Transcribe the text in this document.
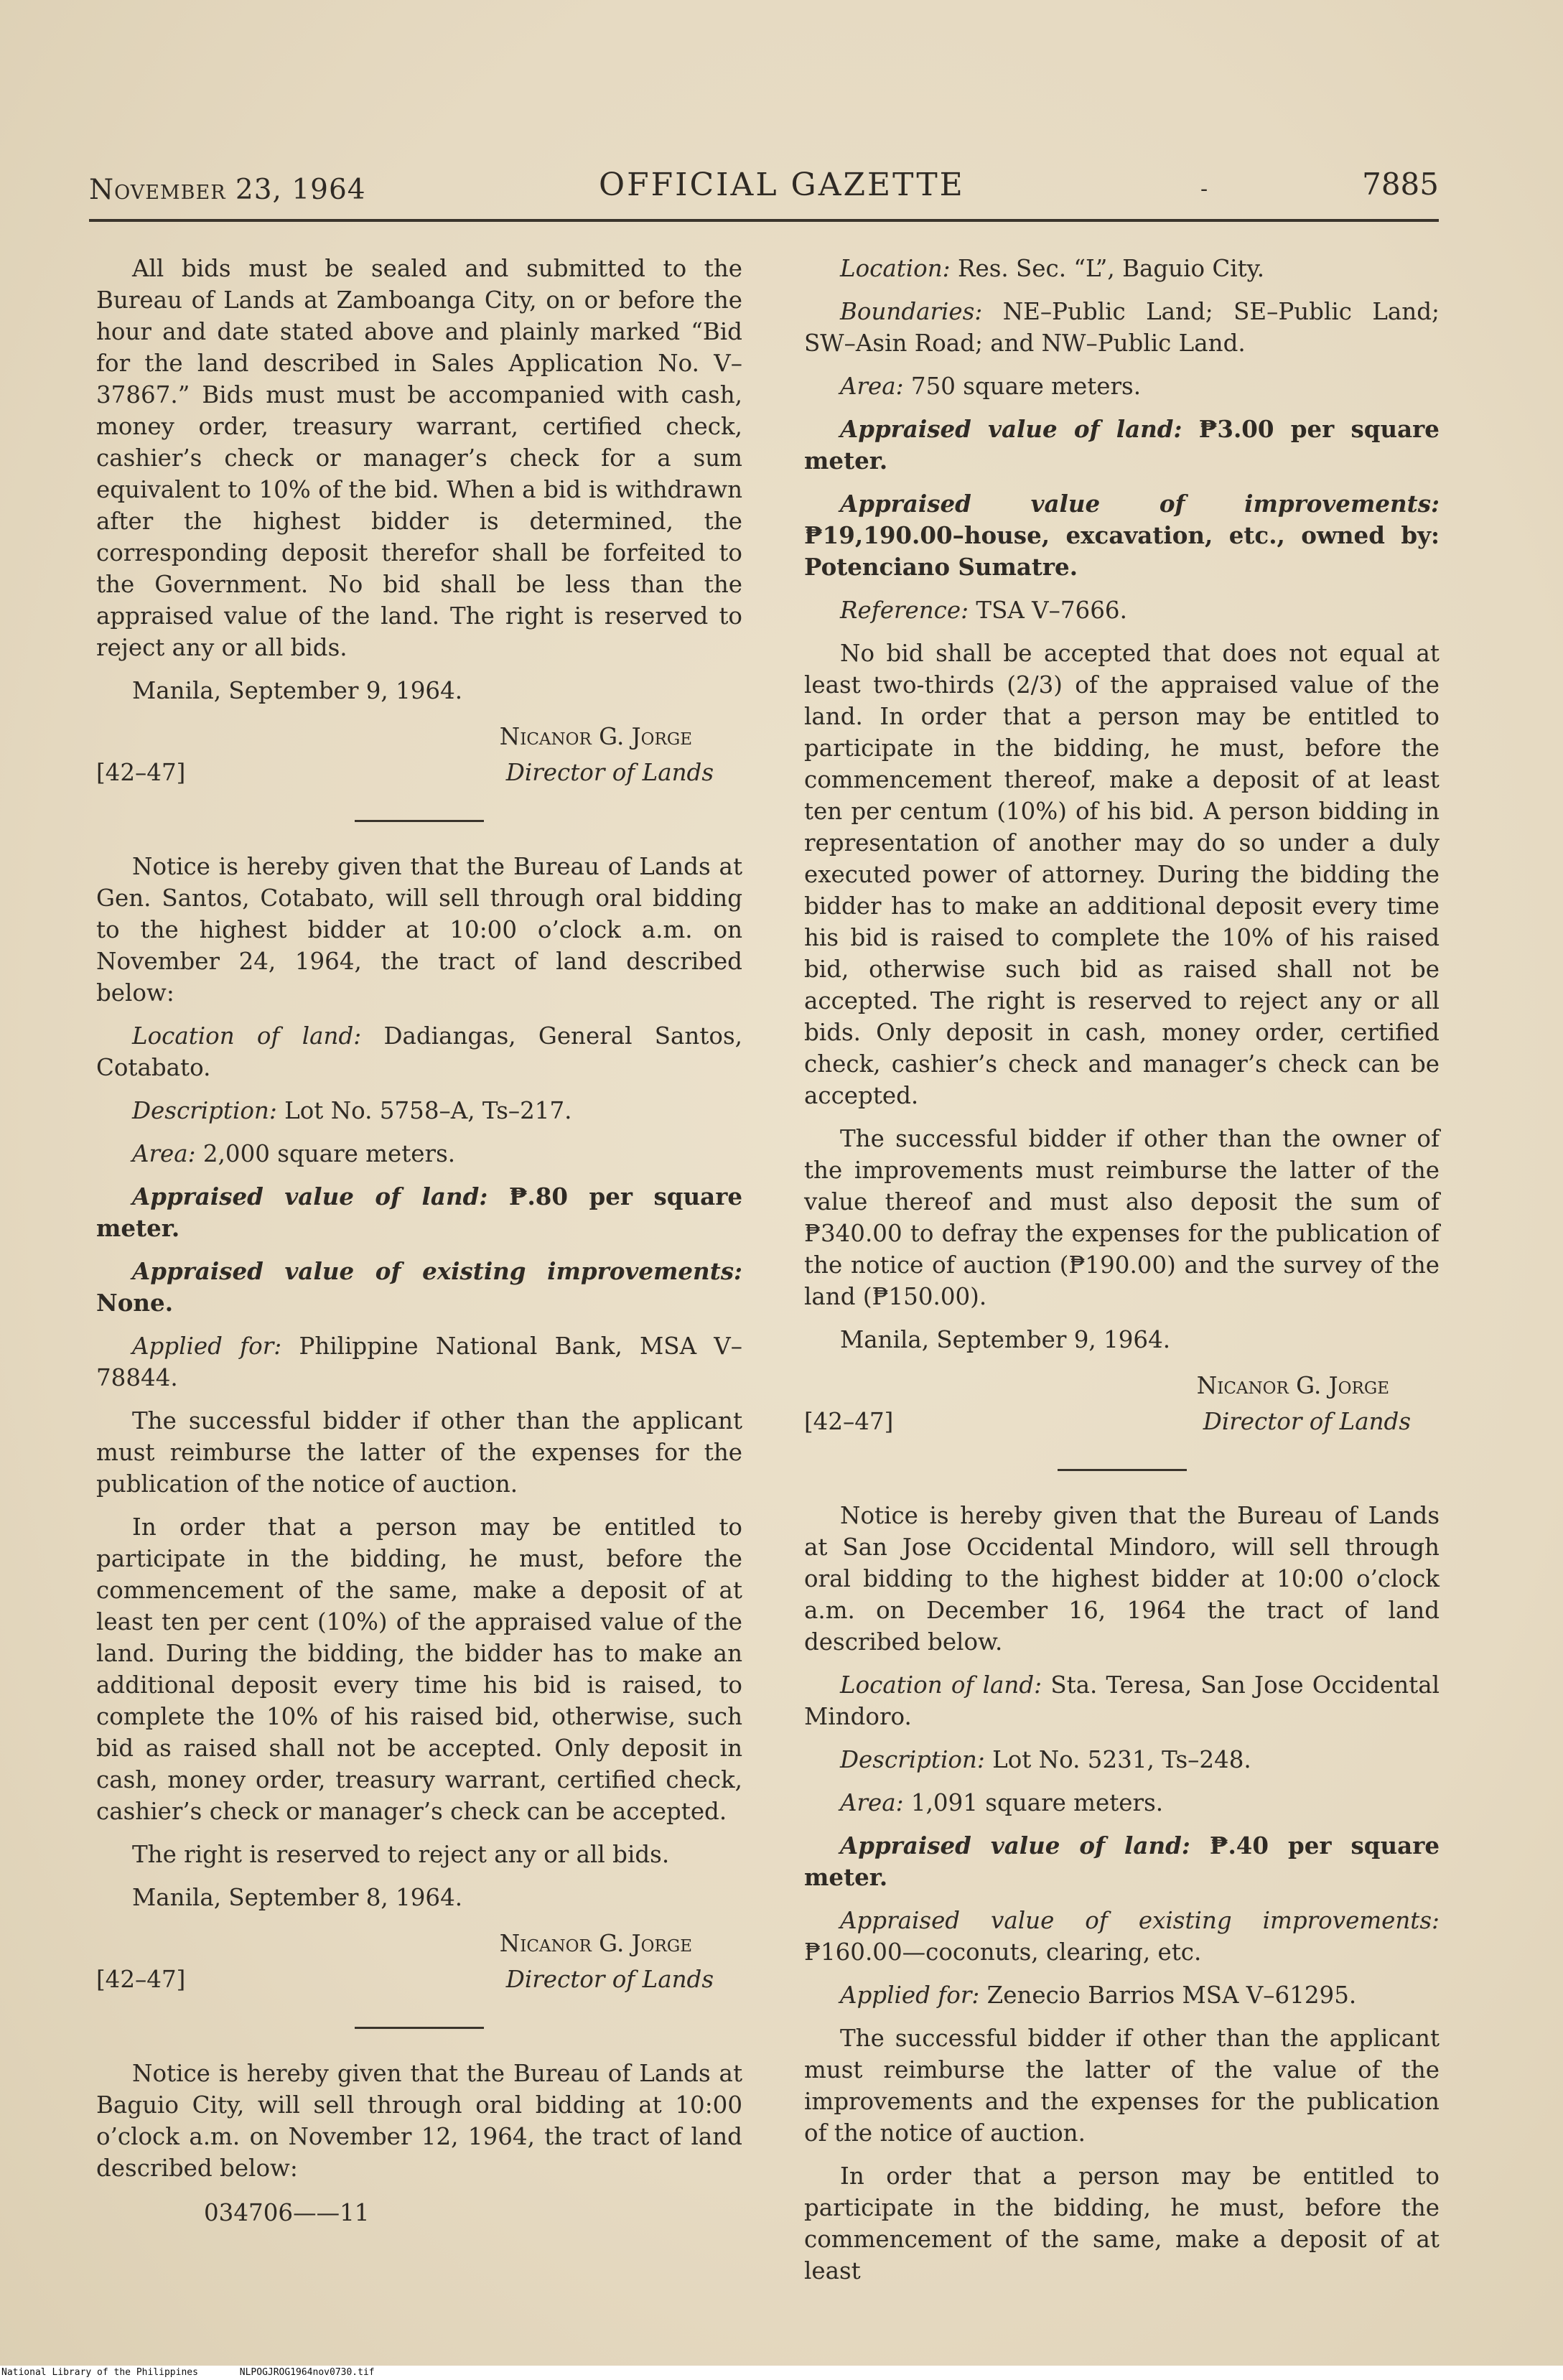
November 23, 1964	OFFICIAL GAZETTE	-	7885

All bids must be sealed and submitted to the Bureau of Lands at Zamboanga City, on or before the hour and date stated above and plainly marked “Bid for the land described in Sales Application No. V–37867.” Bids must must be accompanied with cash, money order, treasury warrant, certified check, cashier’s check or manager’s check for a sum equivalent to 10% of the bid. When a bid is withdrawn after the highest bidder is determined, the corresponding deposit therefor shall be forfeited to the Government. No bid shall be less than the appraised value of the land. The right is reserved to reject any or all bids.

Manila, September 9, 1964.

Nicanor G. Jorge
[42–47]	Director of Lands

Notice is hereby given that the Bureau of Lands at Gen. Santos, Cotabato, will sell through oral bidding to the highest bidder at 10:00 o’clock a.m. on November 24, 1964, the tract of land described below:

Location of land: Dadiangas, General Santos, Cotabato.

Description: Lot No. 5758–A, Ts–217.

Area: 2,000 square meters.

Appraised value of land: ₱.80 per square meter.

Appraised value of existing improvements: None.

Applied for: Philippine National Bank, MSA V–78844.

The successful bidder if other than the applicant must reimburse the latter of the expenses for the publication of the notice of auction.

In order that a person may be entitled to participate in the bidding, he must, before the commencement of the same, make a deposit of at least ten per cent (10%) of the appraised value of the land. During the bidding, the bidder has to make an additional deposit every time his bid is raised, to complete the 10% of his raised bid, otherwise, such bid as raised shall not be accepted. Only deposit in cash, money order, treasury warrant, certified check, cashier’s check or manager’s check can be accepted.

The right is reserved to reject any or all bids.

Manila, September 8, 1964.

Nicanor G. Jorge
[42–47]	Director of Lands

Notice is hereby given that the Bureau of Lands at Baguio City, will sell through oral bidding at 10:00 o’clock a.m. on November 12, 1964, the tract of land described below:

034706——11

Location: Res. Sec. “L”, Baguio City.

Boundaries: NE–Public Land; SE–Public Land; SW–Asin Road; and NW–Public Land.

Area: 750 square meters.

Appraised value of land: ₱3.00 per square meter.

Appraised value of improvements: ₱19,190.00–house, excavation, etc., owned by: Potenciano Sumatre.

Reference: TSA V–7666.

No bid shall be accepted that does not equal at least two-thirds (2/3) of the appraised value of the land. In order that a person may be entitled to participate in the bidding, he must, before the commencement thereof, make a deposit of at least ten per centum (10%) of his bid. A person bidding in representation of another may do so under a duly executed power of attorney. During the bidding the bidder has to make an additional deposit every time his bid is raised to complete the 10% of his raised bid, otherwise such bid as raised shall not be accepted. The right is reserved to reject any or all bids. Only deposit in cash, money order, certified check, cashier’s check and manager’s check can be accepted.

The successful bidder if other than the owner of the improvements must reimburse the latter of the value thereof and must also deposit the sum of ₱340.00 to defray the expenses for the publication of the notice of auction (₱190.00) and the survey of the land (₱150.00).

Manila, September 9, 1964.

Nicanor G. Jorge
[42–47]	Director of Lands

Notice is hereby given that the Bureau of Lands at San Jose Occidental Mindoro, will sell through oral bidding to the highest bidder at 10:00 o’clock a.m. on December 16, 1964 the tract of land described below.

Location of land: Sta. Teresa, San Jose Occidental Mindoro.

Description: Lot No. 5231, Ts–248.

Area: 1,091 square meters.

Appraised value of land: ₱.40 per square meter.

Appraised value of existing improvements: ₱160.00—coconuts, clearing, etc.

Applied for: Zenecio Barrios MSA V–61295.

The successful bidder if other than the applicant must reimburse the latter of the value of the improvements and the expenses for the publication of the notice of auction.

In order that a person may be entitled to participate in the bidding, he must, before the commencement of the same, make a deposit of at least

National Library of the Philippines	NLPOGJROG1964nov0730.tif
